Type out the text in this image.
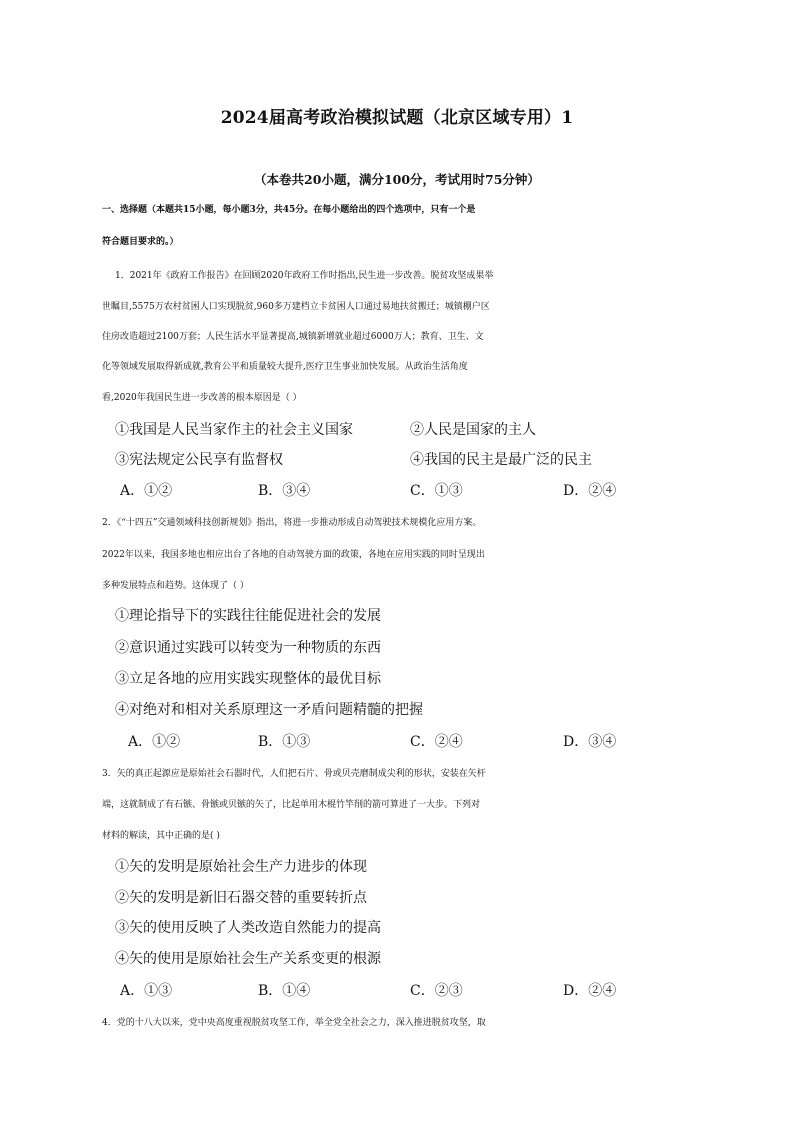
2024届高考政治模拟试题（北京区域专用）1
（本卷共20小题，满分100分，考试用时75分钟）
一、选择题（本题共15小题，每小题3分，共45分。在每小题给出的四个选项中，只有一个是
符合题目要求的。）
1．2021年《政府工作报告》在回顾2020年政府工作时指出,民生进一步改善。脱贫攻坚成果举
世瞩目,5575万农村贫困人口实现脱贫,960多万建档立卡贫困人口通过易地扶贫搬迁；城镇棚户区
住房改造超过2100万套；人民生活水平显著提高,城镇新增就业超过6000万人；教育、卫生、文
化等领域发展取得新成就,教育公平和质量较大提升,医疗卫生事业加快发展。从政治生活角度
看,2020年我国民生进一步改善的根本原因是（ ）
①我国是人民当家作主的社会主义国家	②人民是国家的主人
③宪法规定公民享有监督权	④我国的民主是最广泛的民主
A．①②	B．③④	C．①③	D．②④
2．《“十四五”交通领域科技创新规划》指出，将进一步推动形成自动驾驶技术规模化应用方案。
2022年以来，我国多地也相应出台了各地的自动驾驶方面的政策，各地在应用实践的同时呈现出
多种发展特点和趋势。这体现了（ ）
①理论指导下的实践往往能促进社会的发展
②意识通过实践可以转变为一种物质的东西
③立足各地的应用实践实现整体的最优目标
④对绝对和相对关系原理这一矛盾问题精髓的把握
A．①②	B．①③	C．②④	D．③④
3．矢的真正起源应是原始社会石器时代，人们把石片、骨或贝壳磨制成尖利的形状，安装在矢杆
端，这就制成了有石镞、骨镞或贝镞的矢了，比起单用木棍竹竿削的箭可算进了一大步。下列对
材料的解读，其中正确的是( )
①矢的发明是原始社会生产力进步的体现
②矢的发明是新旧石器交替的重要转折点
③矢的使用反映了人类改造自然能力的提高
④矢的使用是原始社会生产关系变更的根源
A．①③	B．①④	C．②③	D．②④
4．党的十八大以来，党中央高度重视脱贫攻坚工作，举全党全社会之力，深入推进脱贫攻坚，取
